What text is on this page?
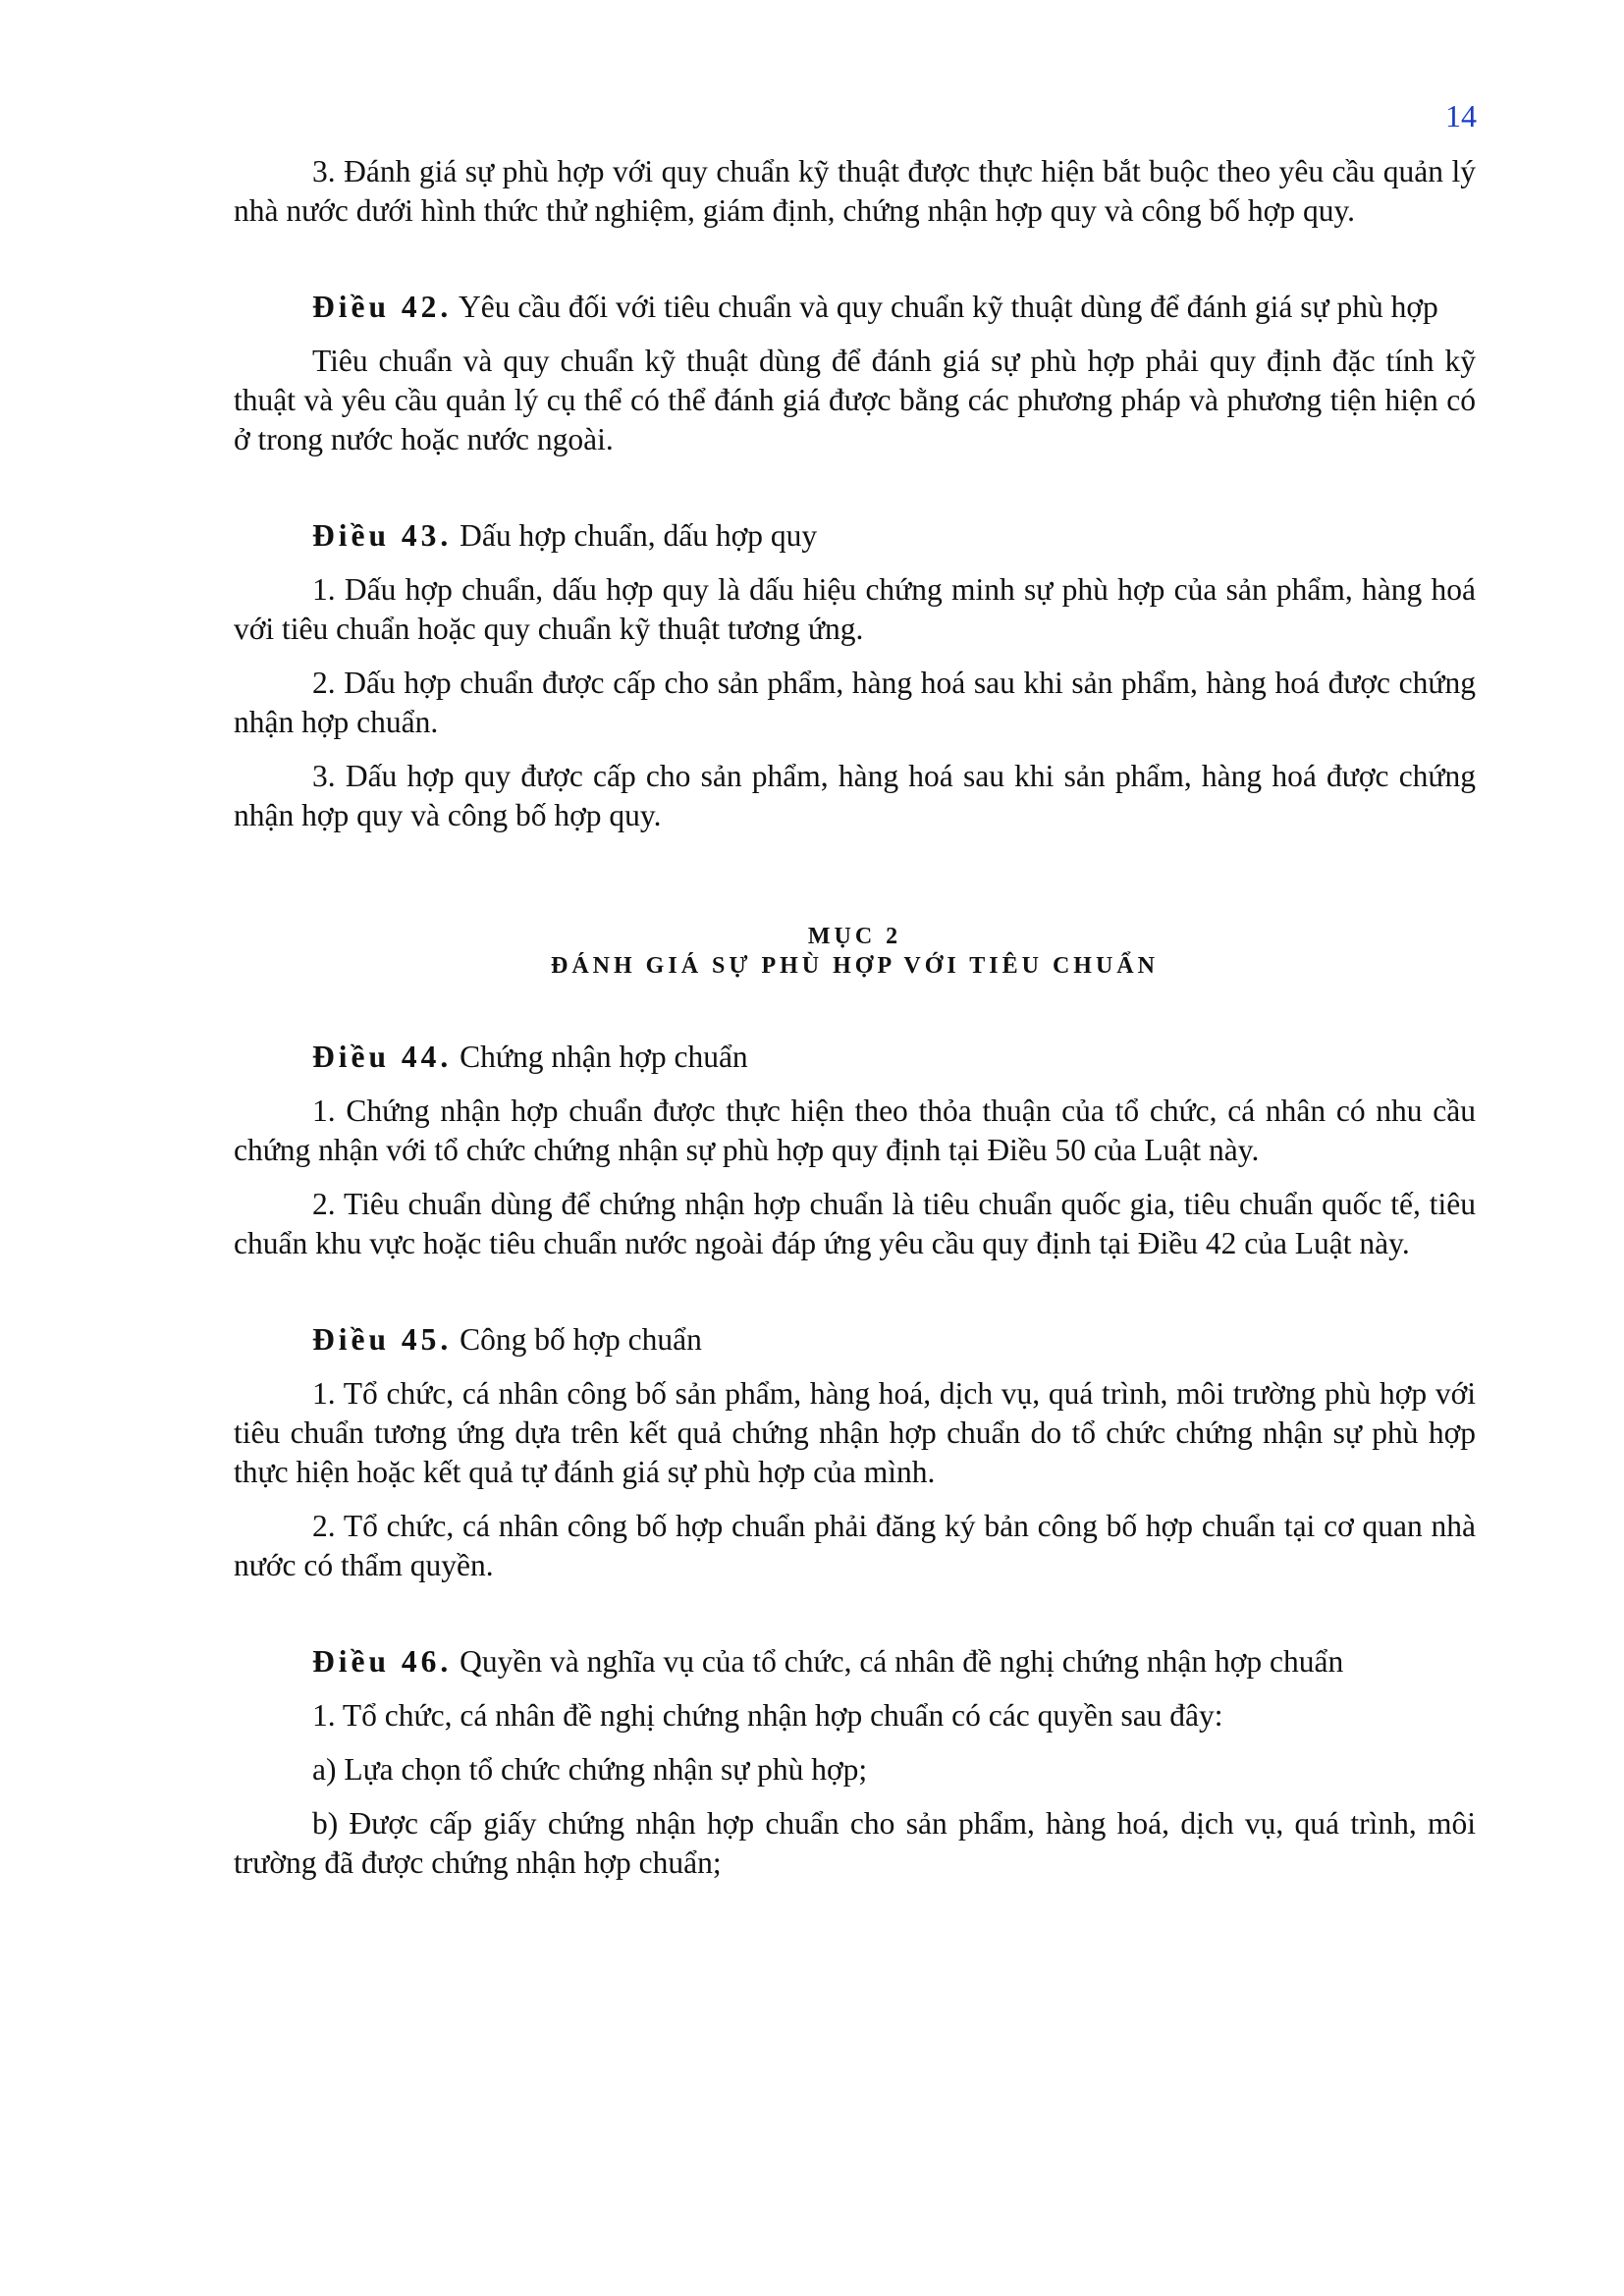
14

3. Đánh giá sự phù hợp với quy chuẩn kỹ thuật được thực hiện bắt buộc theo yêu cầu quản lý nhà nước dưới hình thức thử nghiệm, giám định, chứng nhận hợp quy và công bố hợp quy.

Điều 42. Yêu cầu đối với tiêu chuẩn và quy chuẩn kỹ thuật dùng để đánh giá sự phù hợp

Tiêu chuẩn và quy chuẩn kỹ thuật dùng để đánh giá sự phù hợp phải quy định đặc tính kỹ thuật và yêu cầu quản lý cụ thể có thể đánh giá được bằng các phương pháp và phương tiện hiện có ở trong nước hoặc nước ngoài.

Điều 43. Dấu hợp chuẩn, dấu hợp quy

1. Dấu hợp chuẩn, dấu hợp quy là dấu hiệu chứng minh sự phù hợp của sản phẩm, hàng hoá với tiêu chuẩn hoặc quy chuẩn kỹ thuật tương ứng.

2. Dấu hợp chuẩn được cấp cho sản phẩm, hàng hoá sau khi sản phẩm, hàng hoá được chứng nhận hợp chuẩn.

3. Dấu hợp quy được cấp cho sản phẩm, hàng hoá sau khi sản phẩm, hàng hoá được chứng nhận hợp quy và công bố hợp quy.

MỤC 2
ĐÁNH GIÁ SỰ PHÙ HỢP VỚI TIÊU CHUẨN

Điều 44. Chứng nhận hợp chuẩn

1. Chứng nhận hợp chuẩn được thực hiện theo thỏa thuận của tổ chức, cá nhân có nhu cầu chứng nhận với tổ chức chứng nhận sự phù hợp quy định tại Điều 50 của Luật này.

2. Tiêu chuẩn dùng để chứng nhận hợp chuẩn là tiêu chuẩn quốc gia, tiêu chuẩn quốc tế, tiêu chuẩn khu vực hoặc tiêu chuẩn nước ngoài đáp ứng yêu cầu quy định tại Điều 42 của Luật này.

Điều 45. Công bố hợp chuẩn

1. Tổ chức, cá nhân công bố sản phẩm, hàng hoá, dịch vụ, quá trình, môi trường phù hợp với tiêu chuẩn tương ứng dựa trên kết quả chứng nhận hợp chuẩn do tổ chức chứng nhận sự phù hợp thực hiện hoặc kết quả tự đánh giá sự phù hợp của mình.

2. Tổ chức, cá nhân công bố hợp chuẩn phải đăng ký bản công bố hợp chuẩn tại cơ quan nhà nước có thẩm quyền.

Điều 46. Quyền và nghĩa vụ của tổ chức, cá nhân đề nghị chứng nhận hợp chuẩn

1. Tổ chức, cá nhân đề nghị chứng nhận hợp chuẩn có các quyền sau đây:

a) Lựa chọn tổ chức chứng nhận sự phù hợp;

b) Được cấp giấy chứng nhận hợp chuẩn cho sản phẩm, hàng hoá, dịch vụ, quá trình, môi trường đã được chứng nhận hợp chuẩn;
